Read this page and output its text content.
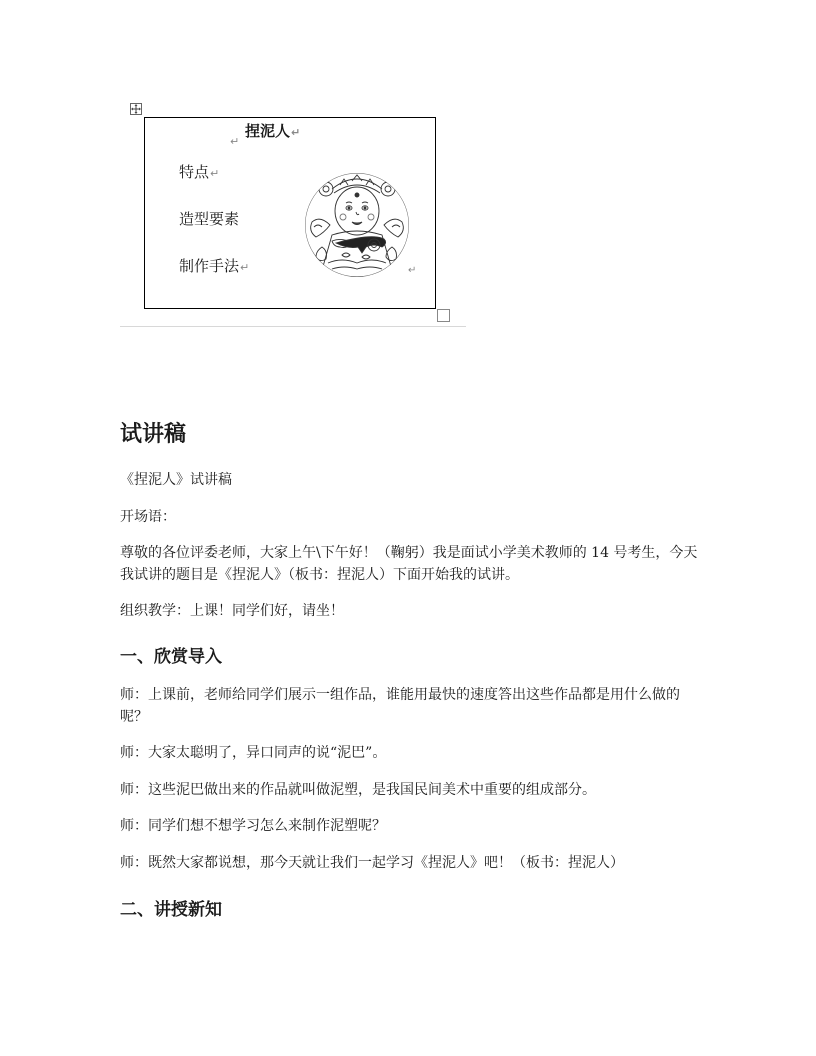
捏泥人↵
↵
特点↵
造型要素
制作手法↵	↵
试讲稿
《捏泥人》试讲稿
开场语：
尊敬的各位评委老师，大家上午\下午好！（鞠躬）我是面试小学美术教师的 14 号考生，今天我试讲的题目是《捏泥人》（板书：捏泥人）下面开始我的试讲。
组织教学：上课！同学们好，请坐！
一、欣赏导入
师：上课前，老师给同学们展示一组作品，谁能用最快的速度答出这些作品都是用什么做的呢？
师：大家太聪明了，异口同声的说“泥巴”。
师：这些泥巴做出来的作品就叫做泥塑，是我国民间美术中重要的组成部分。
师：同学们想不想学习怎么来制作泥塑呢？
师：既然大家都说想，那今天就让我们一起学习《捏泥人》吧！（板书：捏泥人）
二、讲授新知
